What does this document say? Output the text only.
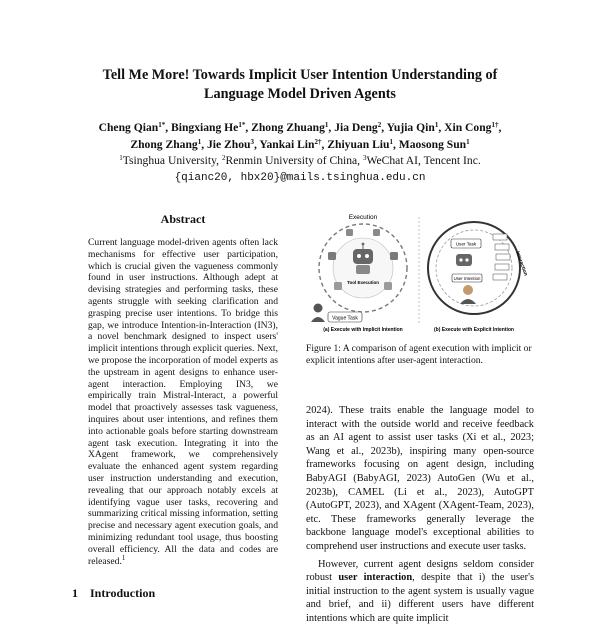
Tell Me More! Towards Implicit User Intention Understanding of
Language Model Driven Agents
Cheng Qian$^{1*}$, Bingxiang $He^{1*}$, Zhong Zhuang$^1$, Jia Deng$^2$, Yujia Qin$^1$, Xin Cong$^{1\dagger}$,
Zhong Zhang$^1$, Jie Zhou$^3$, Yankai Lin$^{2\dagger}$, Zhiyuan Liu$^1$, Maosong Sun$^1$
$^1$Tsinghua University, $^2$Renmin University of China, $^3$WeChat AI, Tencent Inc.
{qianc20, hbx20}@mails.tsinghua.edu.cn
Abstract
Current language model-driven agents often lack mechanisms for effective user participation, which is crucial given the vagueness commonly found in user instructions. Although adept at devising strategies and performing tasks, these agents struggle with seeking clarification and grasping precise user intentions. To bridge this gap, we introduce Intention-in-Interaction (IN3), a novel benchmark designed to inspect users' implicit intentions through explicit queries. Next, we propose the incorporation of model experts as the upstream in agent designs to enhance user-agent interaction. Employing IN3, we empirically train Mistral-Interact, a powerful model that proactively assesses task vagueness, inquires about user intentions, and refines them into actionable goals before starting downstream agent task execution. Integrating it into the XAgent framework, we comprehensively evaluate the enhanced agent system regarding user instruction understanding and execution, revealing that our approach notably excels at identifying vague user tasks, recovering and summarizing critical missing information, setting precise and necessary agent execution goals, and minimizing redundant tool usage, thus boosting overall efficiency. All the data and codes are released.$^1$
1 Introduction
Execution
Tool Execution
Vague Task
(a) Execute with Implicit Intention
Interaction
User Task
User Intention
(b) Execute with Explicit Intention
Figure 1: A comparison of agent execution with implicit or explicit intentions after user-agent interaction.

2024). These traits enable the language model to interact with the outside world and receive feedback as an AI agent to assist user tasks (Xi et al., 2023; Wang et al., 2023b), inspiring many open-source frameworks focusing on agent design, including BabyAGI (BabyAGI, 2023) AutoGen (Wu et al., 2023b), CAMEL (Li et al., 2023), AutoGPT (AutoGPT, 2023), and XAgent (XAgent-Team, 2023), etc. These frameworks generally leverage the backbone language model's exceptional abilities to comprehend user instructions and execute user tasks.

However, current agent designs seldom consider robust user interaction, despite that i) the user's initial instruction to the agent system is usually vague and brief, and ii) different users have different intentions which are quite implicit
